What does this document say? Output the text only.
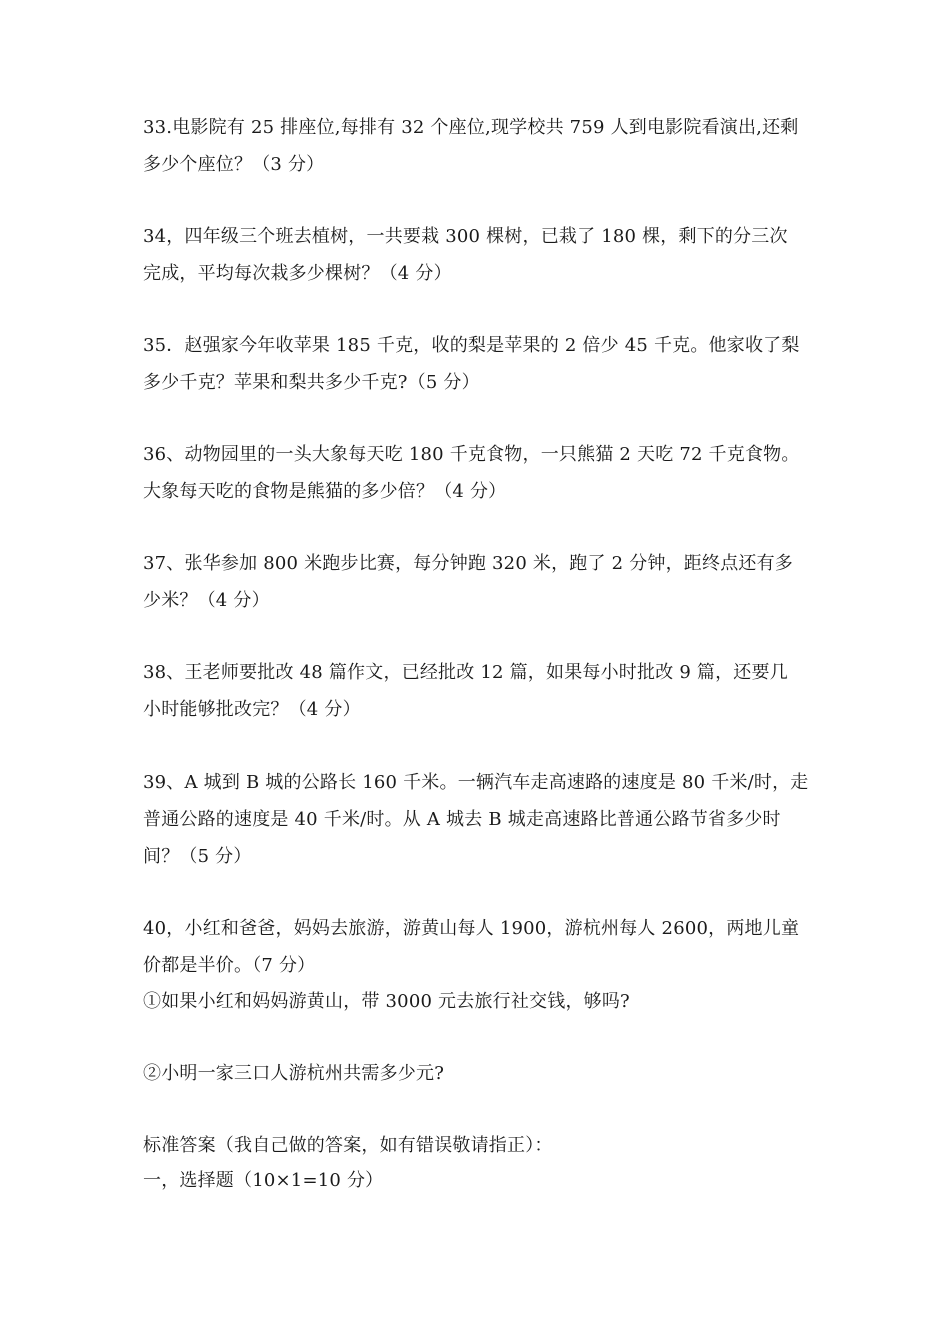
33.电影院有 25 排座位,每排有 32 个座位,现学校共 759 人到电影院看演出,还剩
多少个座位？（3 分）
34，四年级三个班去植树，一共要栽 300 棵树，已栽了 180 棵，剩下的分三次
完成，平均每次栽多少棵树？（4 分）
35．赵强家今年收苹果 185 千克，收的梨是苹果的 2 倍少 45 千克。他家收了梨
多少千克？苹果和梨共多少千克?（5 分）
36、动物园里的一头大象每天吃 180 千克食物，一只熊猫 2 天吃 72 千克食物。
大象每天吃的食物是熊猫的多少倍？（4 分）
37、张华参加 800 米跑步比赛，每分钟跑 320 米，跑了 2 分钟，距终点还有多
少米？（4 分）
38、王老师要批改 48 篇作文，已经批改 12 篇，如果每小时批改 9 篇，还要几
小时能够批改完？（4 分）
39、A 城到 B 城的公路长 160 千米。一辆汽车走高速路的速度是 80 千米/时，走
普通公路的速度是 40 千米/时。从 A 城去 B 城走高速路比普通公路节省多少时
间？（5 分）
40，小红和爸爸，妈妈去旅游，游黄山每人 1900，游杭州每人 2600，两地儿童
价都是半价。（7 分）
①如果小红和妈妈游黄山，带 3000 元去旅行社交钱，够吗?
②小明一家三口人游杭州共需多少元?
标准答案（我自己做的答案，如有错误敬请指正）：
一，选择题（10×1=10 分）
